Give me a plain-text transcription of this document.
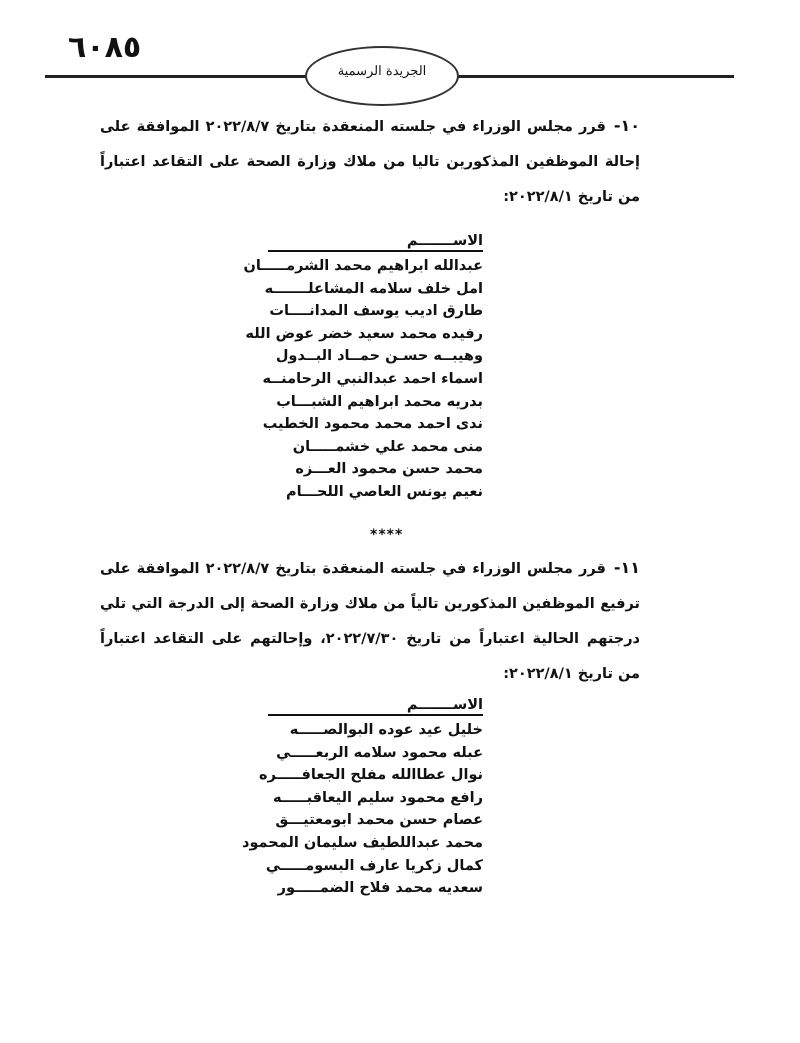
٦٠٨٥
الجريدة الرسمية
١٠-قرر مجلس الوزراء في جلسته المنعقدة بتاريخ ٢٠٢٢/٨/٧ الموافقة على إحالة الموظفين المذكورين تاليا من ملاك وزارة الصحة على التقاعد اعتباراً من تاريخ ٢٠٢٢/٨/١:
الاســـــــم
عبدالله ابراهيم محمد الشرمـــــان
امل خلف سلامه المشاعلـــــــه
طارق اديب يوسف المدانــــات
رفيده محمد سعيد خضر عوض الله
وهيبــه حسـن حمــاد البــدول
اسماء احمد عبدالنبي الرحامنــه
بدريه محمد ابراهيم الشبـــاب
ندى احمد محمد محمود الخطيب
منى محمد علي خشمـــــان
محمد حسن محمود العـــزه
نعيم يونس العاصي اللحـــام
****
١١-قرر مجلس الوزراء في جلسته المنعقدة بتاريخ ٢٠٢٢/٨/٧ الموافقة على ترفيع الموظفين المذكورين تالياً من ملاك وزارة الصحة إلى الدرجة التي تلي درجتهم الحالية اعتباراً من تاريخ ٢٠٢٢/٧/٣٠، وإحالتهم على التقاعد اعتباراً من تاريخ ٢٠٢٢/٨/١:
الاســـــــم
خليل عيد عوده البوالصـــــه
عبله محمود سلامه الربعـــــي
نوال عطاالله مفلح الجعافـــــره
رافع محمود سليم اليعاقبـــــه
عصام حسن محمد ابومعتيـــق
محمد عبداللطيف سليمان المحمود
كمال زكريا عارف البسومـــــي
سعديه محمد فلاح الضمـــــور
